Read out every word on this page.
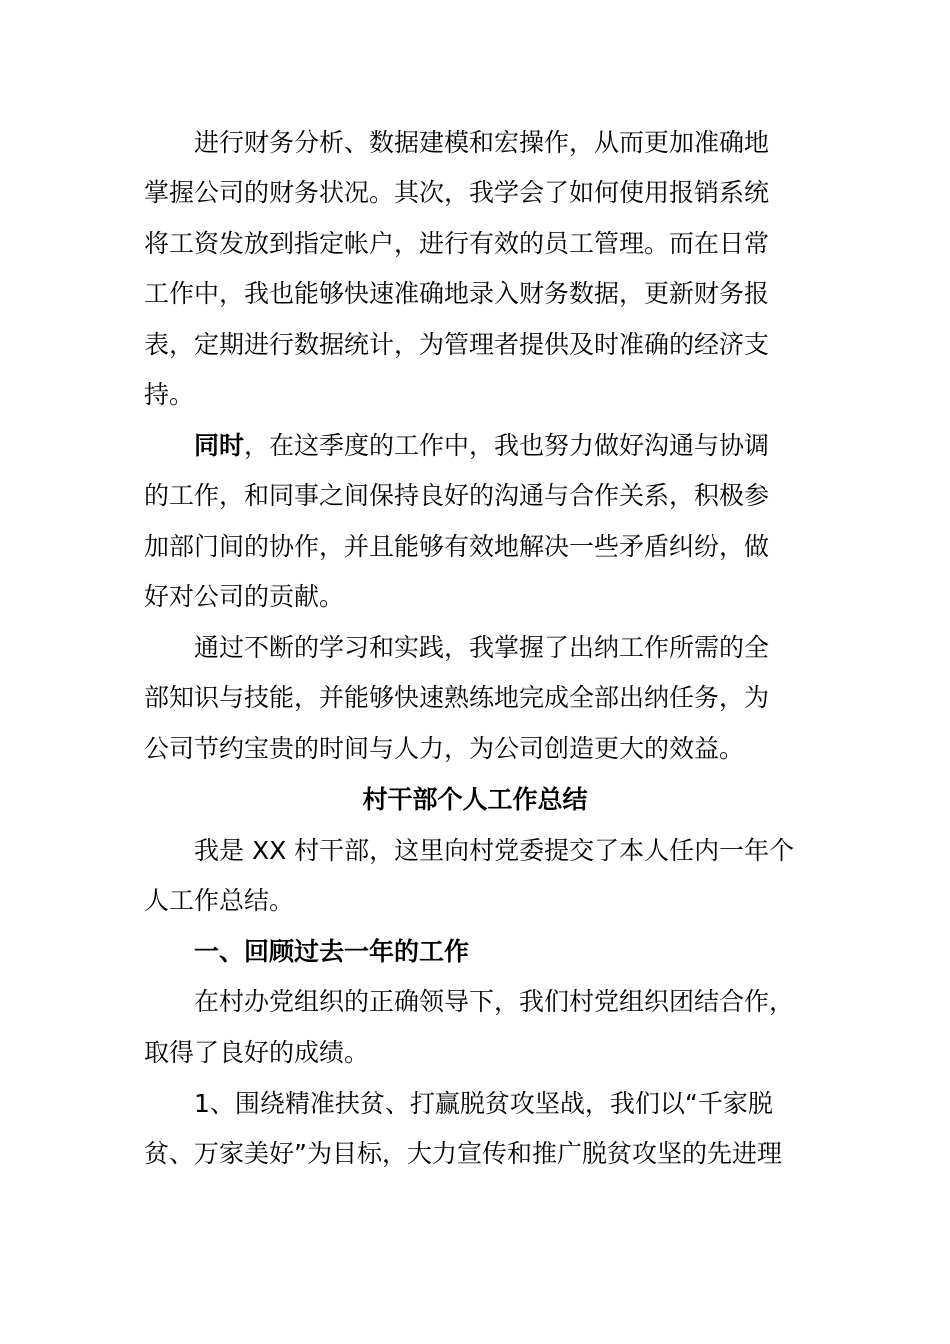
进行财务分析、数据建模和宏操作，从而更加准确地
掌握公司的财务状况。其次，我学会了如何使用报销系统
将工资发放到指定帐户，进行有效的员工管理。而在日常
工作中，我也能够快速准确地录入财务数据，更新财务报
表，定期进行数据统计，为管理者提供及时准确的经济支
持。
同时，在这季度的工作中，我也努力做好沟通与协调
的工作，和同事之间保持良好的沟通与合作关系，积极参
加部门间的协作，并且能够有效地解决一些矛盾纠纷，做
好对公司的贡献。
通过不断的学习和实践，我掌握了出纳工作所需的全
部知识与技能，并能够快速熟练地完成全部出纳任务，为
公司节约宝贵的时间与人力，为公司创造更大的效益。
村干部个人工作总结
我是 XX 村干部，这里向村党委提交了本人任内一年个
人工作总结。
一、回顾过去一年的工作
在村办党组织的正确领导下，我们村党组织团结合作，
取得了良好的成绩。
1、围绕精准扶贫、打赢脱贫攻坚战，我们以“千家脱
贫、万家美好”为目标，大力宣传和推广脱贫攻坚的先进理
